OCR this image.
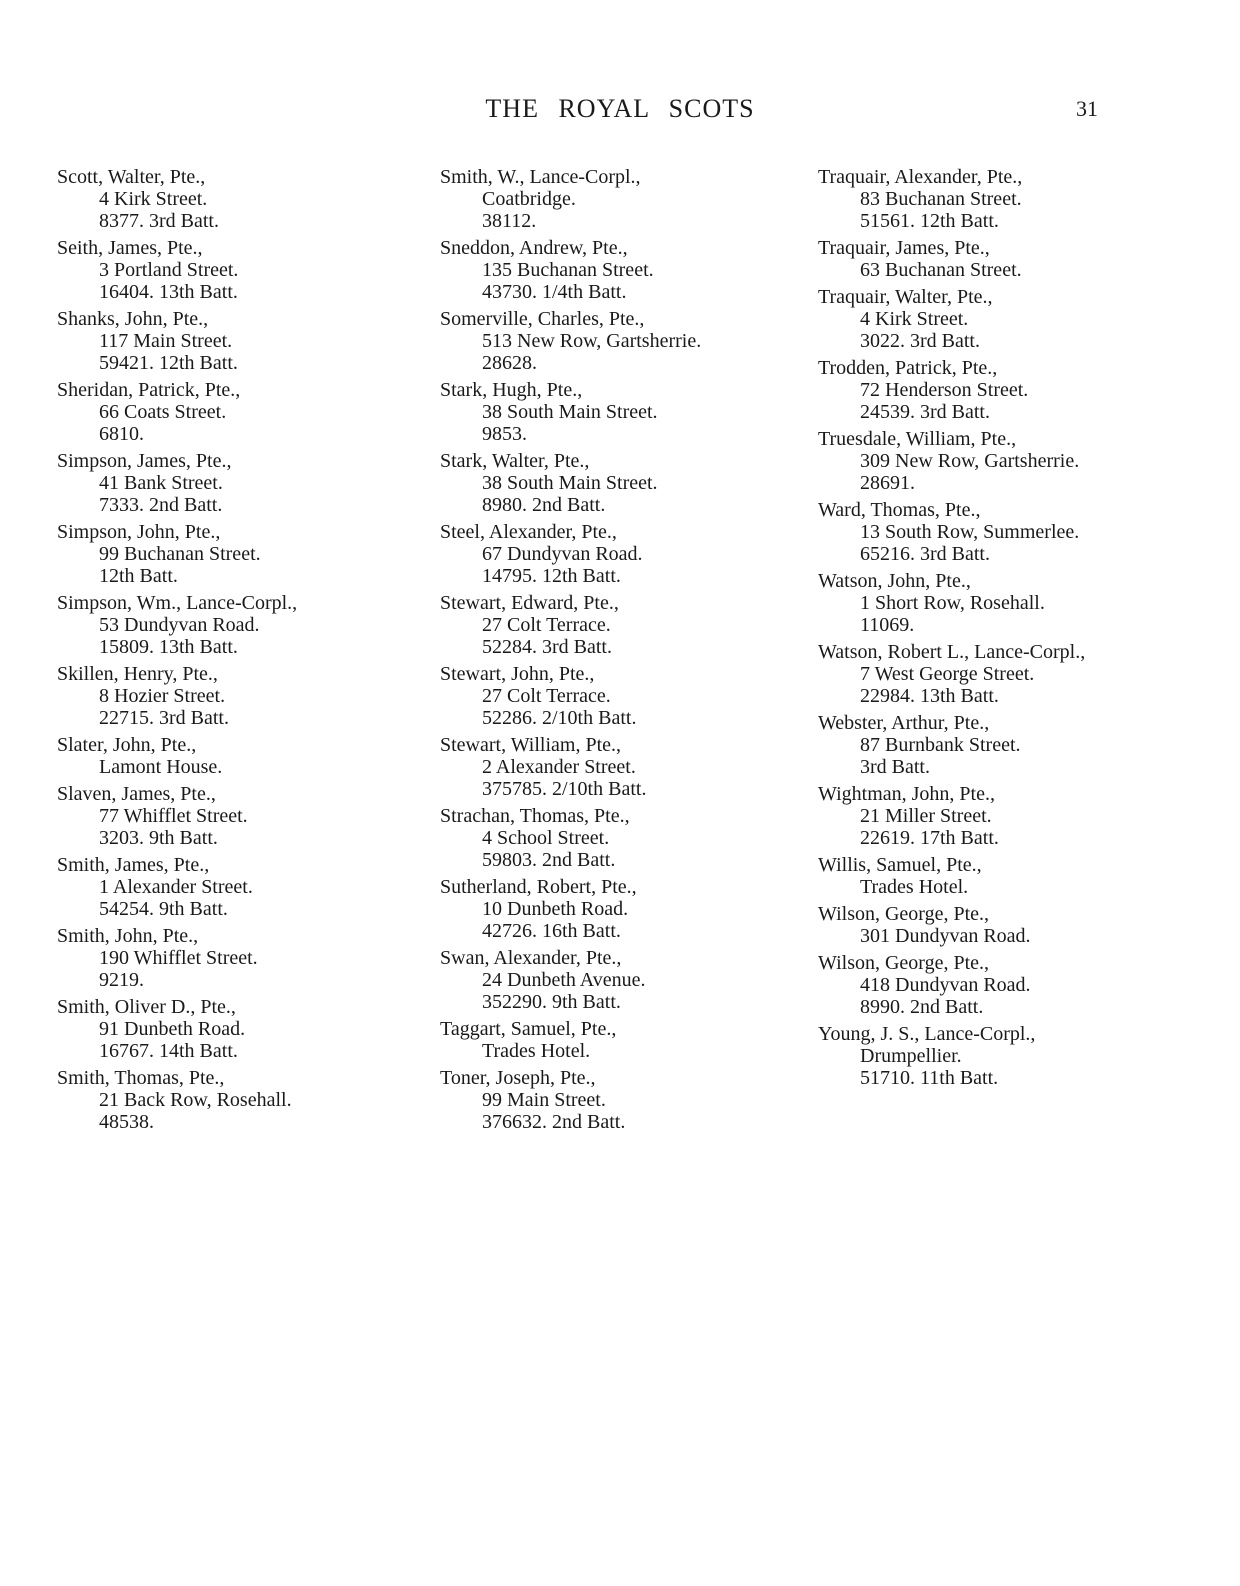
THE ROYAL SCOTS	31
Scott, Walter, Pte.,
4 Kirk Street.
8377. 3rd Batt.
Seith, James, Pte.,
3 Portland Street.
16404. 13th Batt.
Shanks, John, Pte.,
117 Main Street.
59421. 12th Batt.
Sheridan, Patrick, Pte.,
66 Coats Street.
6810.
Simpson, James, Pte.,
41 Bank Street.
7333. 2nd Batt.
Simpson, John, Pte.,
99 Buchanan Street.
12th Batt.
Simpson, Wm., Lance-Corpl.,
53 Dundyvan Road.
15809. 13th Batt.
Skillen, Henry, Pte.,
8 Hozier Street.
22715. 3rd Batt.
Slater, John, Pte.,
Lamont House.
Slaven, James, Pte.,
77 Whifflet Street.
3203. 9th Batt.
Smith, James, Pte.,
1 Alexander Street.
54254. 9th Batt.
Smith, John, Pte.,
190 Whifflet Street.
9219.
Smith, Oliver D., Pte.,
91 Dunbeth Road.
16767. 14th Batt.
Smith, Thomas, Pte.,
21 Back Row, Rosehall.
48538.
Smith, W., Lance-Corpl.,
Coatbridge.
38112.
Sneddon, Andrew, Pte.,
135 Buchanan Street.
43730. 1/4th Batt.
Somerville, Charles, Pte.,
513 New Row, Gartsherrie.
28628.
Stark, Hugh, Pte.,
38 South Main Street.
9853.
Stark, Walter, Pte.,
38 South Main Street.
8980. 2nd Batt.
Steel, Alexander, Pte.,
67 Dundyvan Road.
14795. 12th Batt.
Stewart, Edward, Pte.,
27 Colt Terrace.
52284. 3rd Batt.
Stewart, John, Pte.,
27 Colt Terrace.
52286. 2/10th Batt.
Stewart, William, Pte.,
2 Alexander Street.
375785. 2/10th Batt.
Strachan, Thomas, Pte.,
4 School Street.
59803. 2nd Batt.
Sutherland, Robert, Pte.,
10 Dunbeth Road.
42726. 16th Batt.
Swan, Alexander, Pte.,
24 Dunbeth Avenue.
352290. 9th Batt.
Taggart, Samuel, Pte.,
Trades Hotel.
Toner, Joseph, Pte.,
99 Main Street.
376632. 2nd Batt.
Traquair, Alexander, Pte.,
83 Buchanan Street.
51561. 12th Batt.
Traquair, James, Pte.,
63 Buchanan Street.
Traquair, Walter, Pte.,
4 Kirk Street.
3022. 3rd Batt.
Trodden, Patrick, Pte.,
72 Henderson Street.
24539. 3rd Batt.
Truesdale, William, Pte.,
309 New Row, Gartsherrie.
28691.
Ward, Thomas, Pte.,
13 South Row, Summerlee.
65216. 3rd Batt.
Watson, John, Pte.,
1 Short Row, Rosehall.
11069.
Watson, Robert L., Lance-Corpl.,
7 West George Street.
22984. 13th Batt.
Webster, Arthur, Pte.,
87 Burnbank Street.
3rd Batt.
Wightman, John, Pte.,
21 Miller Street.
22619. 17th Batt.
Willis, Samuel, Pte.,
Trades Hotel.
Wilson, George, Pte.,
301 Dundyvan Road.
Wilson, George, Pte.,
418 Dundyvan Road.
8990. 2nd Batt.
Young, J. S., Lance-Corpl.,
Drumpellier.
51710. 11th Batt.
